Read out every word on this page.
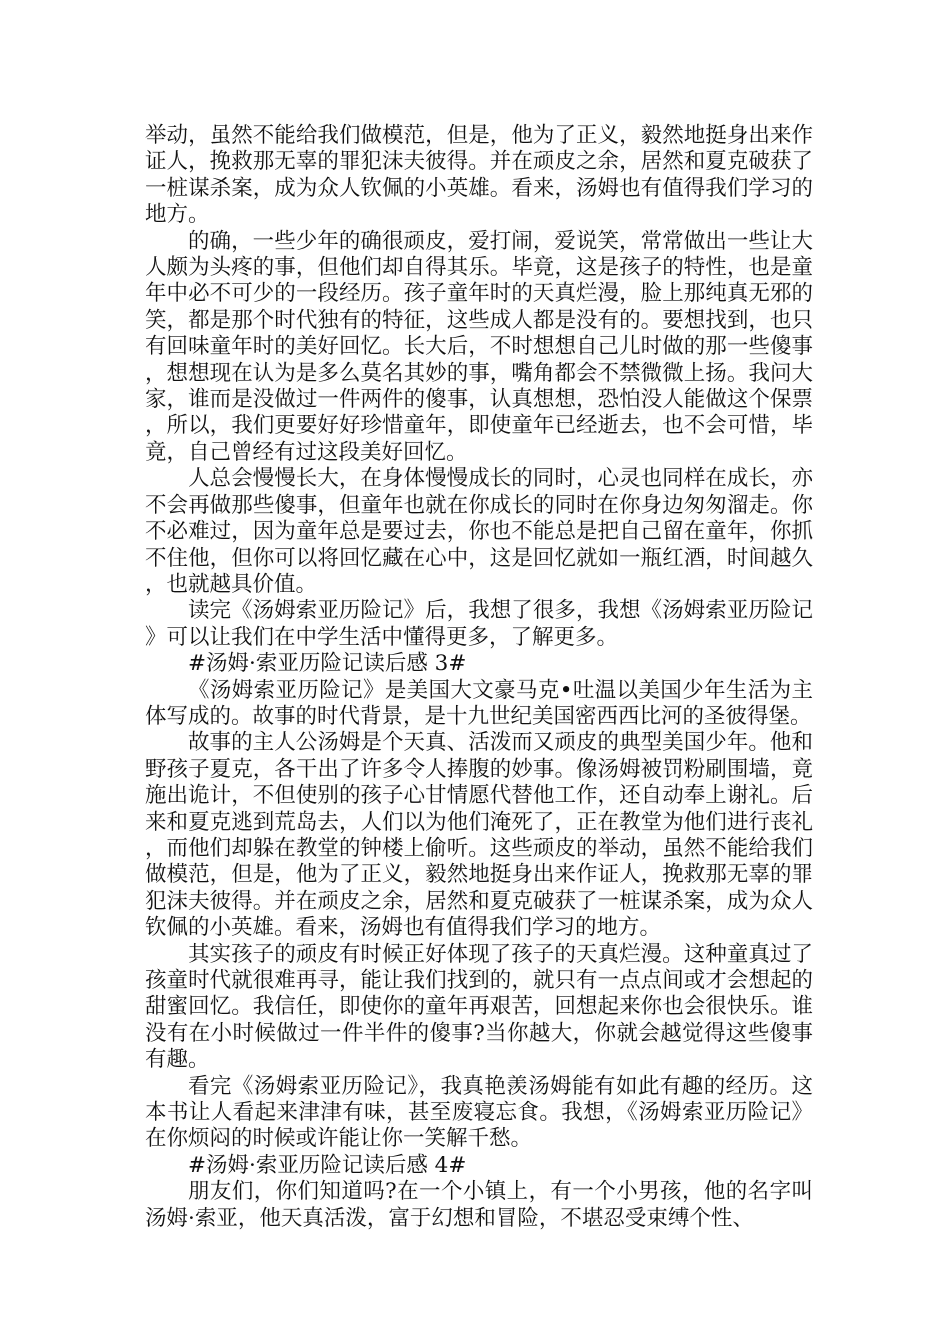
举动，虽然不能给我们做模范，但是，他为了正义，毅然地挺身出来作证人，挽救那无辜的罪犯沫夫彼得。并在顽皮之余，居然和夏克破获了一桩谋杀案，成为众人钦佩的小英雄。看来，汤姆也有值得我们学习的地方。

的确，一些少年的确很顽皮，爱打闹，爱说笑，常常做出一些让大人颇为头疼的事，但他们却自得其乐。毕竟，这是孩子的特性，也是童年中必不可少的一段经历。孩子童年时的天真烂漫，脸上那纯真无邪的笑，都是那个时代独有的特征，这些成人都是没有的。要想找到，也只有回味童年时的美好回忆。长大后，不时想想自己儿时做的那一些傻事，想想现在认为是多么莫名其妙的事，嘴角都会不禁微微上扬。我问大家，谁而是没做过一件两件的傻事，认真想想，恐怕没人能做这个保票，所以，我们更要好好珍惜童年，即使童年已经逝去，也不会可惜，毕竟，自己曾经有过这段美好回忆。

人总会慢慢长大，在身体慢慢成长的同时，心灵也同样在成长，亦不会再做那些傻事，但童年也就在你成长的同时在你身边匆匆溜走。你不必难过，因为童年总是要过去，你也不能总是把自己留在童年，你抓不住他，但你可以将回忆藏在心中，这是回忆就如一瓶红酒，时间越久，也就越具价值。

读完《汤姆索亚历险记》后，我想了很多，我想《汤姆索亚历险记》可以让我们在中学生活中懂得更多，了解更多。

#汤姆·索亚历险记读后感 3#

《汤姆索亚历险记》是美国大文豪马克•吐温以美国少年生活为主体写成的。故事的时代背景，是十九世纪美国密西西比河的圣彼得堡。

故事的主人公汤姆是个天真、活泼而又顽皮的典型美国少年。他和野孩子夏克，各干出了许多令人捧腹的妙事。像汤姆被罚粉刷围墙，竟施出诡计，不但使别的孩子心甘情愿代替他工作，还自动奉上谢礼。后来和夏克逃到荒岛去，人们以为他们淹死了，正在教堂为他们进行丧礼，而他们却躲在教堂的钟楼上偷听。这些顽皮的举动，虽然不能给我们做模范，但是，他为了正义，毅然地挺身出来作证人，挽救那无辜的罪犯沫夫彼得。并在顽皮之余，居然和夏克破获了一桩谋杀案，成为众人钦佩的小英雄。看来，汤姆也有值得我们学习的地方。

其实孩子的顽皮有时候正好体现了孩子的天真烂漫。这种童真过了孩童时代就很难再寻，能让我们找到的，就只有一点点间或才会想起的甜蜜回忆。我信任，即使你的童年再艰苦，回想起来你也会很快乐。谁没有在小时候做过一件半件的傻事?当你越大，你就会越觉得这些傻事有趣。

看完《汤姆索亚历险记》，我真艳羡汤姆能有如此有趣的经历。这本书让人看起来津津有味，甚至废寝忘食。我想，《汤姆索亚历险记》在你烦闷的时候或许能让你一笑解千愁。

#汤姆·索亚历险记读后感 4#

朋友们，你们知道吗?在一个小镇上，有一个小男孩，他的名字叫汤姆·索亚，他天真活泼，富于幻想和冒险，不堪忍受束缚个性、
